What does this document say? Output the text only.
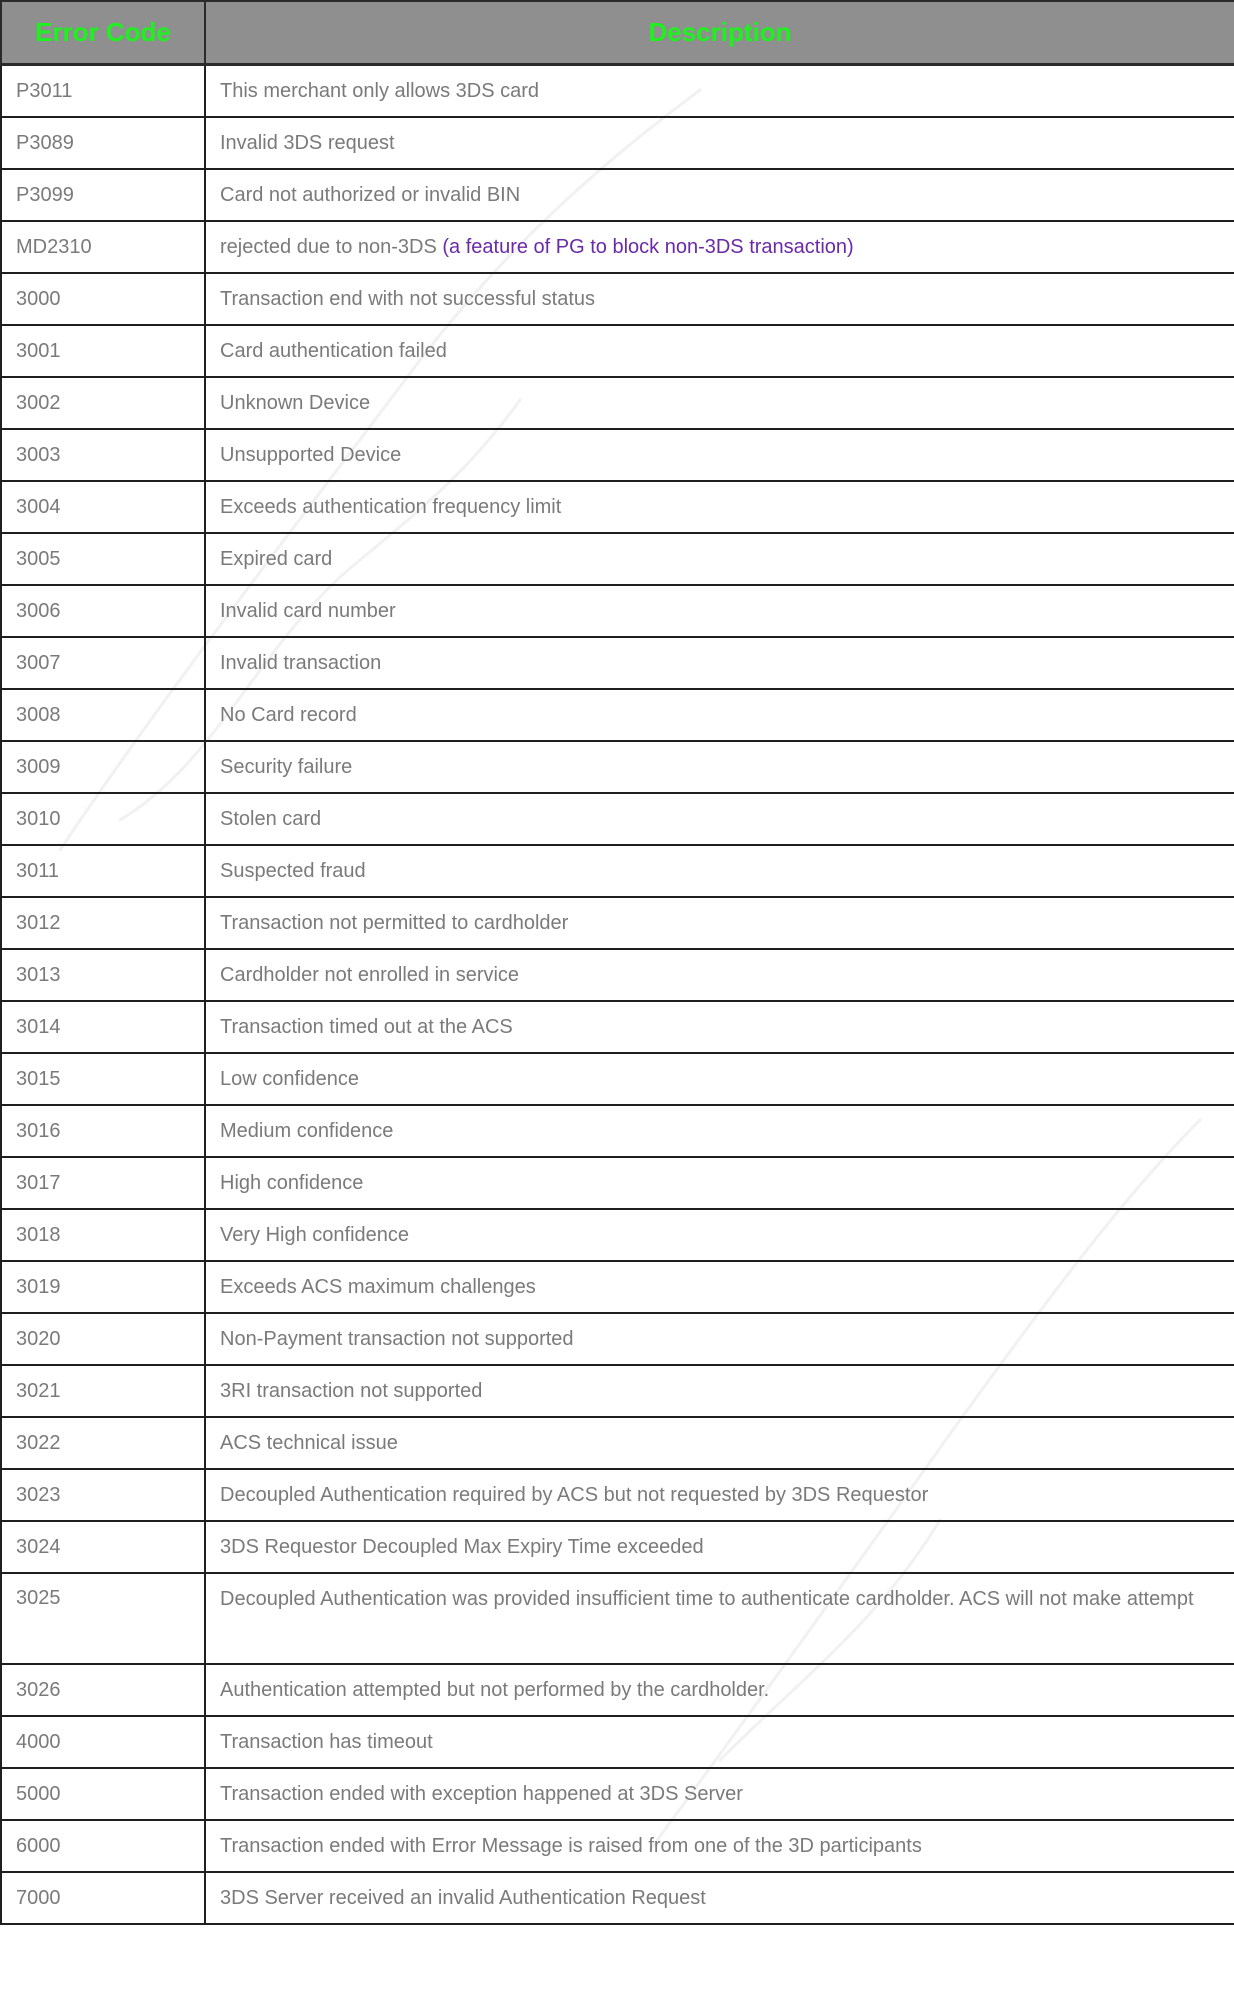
Error Code	Description
P3011	This merchant only allows 3DS card
P3089	Invalid 3DS request
P3099	Card not authorized or invalid BIN
MD2310	rejected due to non-3DS (a feature of PG to block non-3DS transaction)
3000	Transaction end with not successful status
3001	Card authentication failed
3002	Unknown Device
3003	Unsupported Device
3004	Exceeds authentication frequency limit
3005	Expired card
3006	Invalid card number
3007	Invalid transaction
3008	No Card record
3009	Security failure
3010	Stolen card
3011	Suspected fraud
3012	Transaction not permitted to cardholder
3013	Cardholder not enrolled in service
3014	Transaction timed out at the ACS
3015	Low confidence
3016	Medium confidence
3017	High confidence
3018	Very High confidence
3019	Exceeds ACS maximum challenges
3020	Non-Payment transaction not supported
3021	3RI transaction not supported
3022	ACS technical issue
3023	Decoupled Authentication required by ACS but not requested by 3DS Requestor
3024	3DS Requestor Decoupled Max Expiry Time exceeded
3025	Decoupled Authentication was provided insufficient time to authenticate cardholder. ACS will not make attempt
3026	Authentication attempted but not performed by the cardholder.
4000	Transaction has timeout
5000	Transaction ended with exception happened at 3DS Server
6000	Transaction ended with Error Message is raised from one of the 3D participants
7000	3DS Server received an invalid Authentication Request
